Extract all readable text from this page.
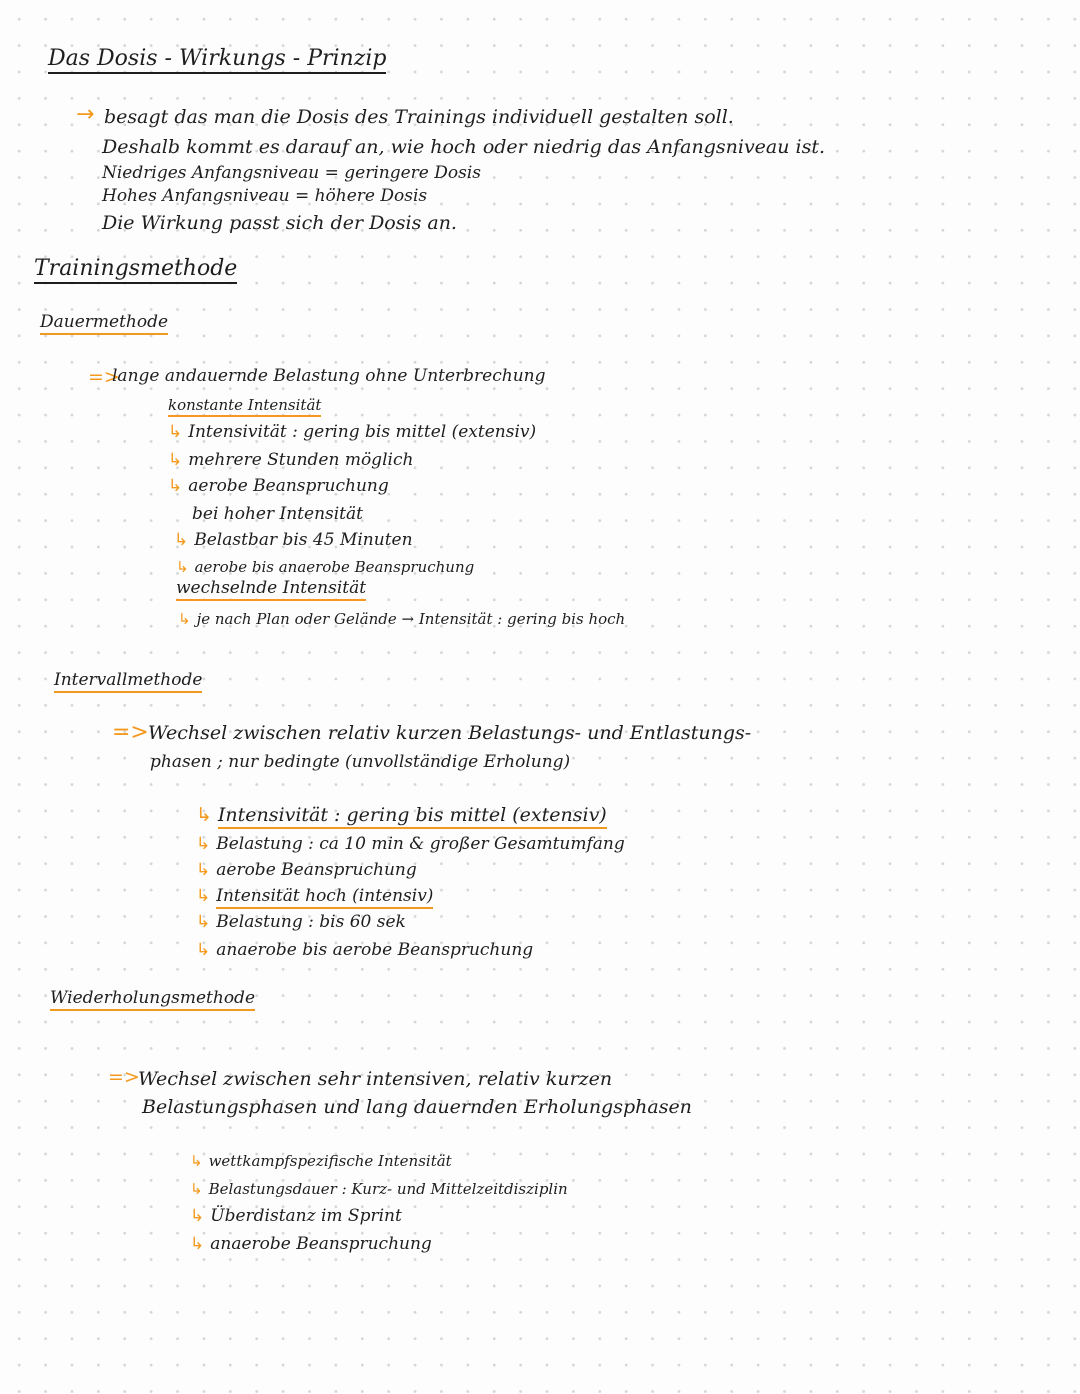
Das Dosis - Wirkungs - Prinzip
→ besagt das man die Dosis des Trainings individuell gestalten soll.
Deshalb kommt es darauf an, wie hoch oder niedrig das Anfangsniveau ist.
Niedriges Anfangsniveau = geringere Dosis
Hohes Anfangsniveau = höhere Dosis
Die Wirkung passt sich der Dosis an.
Trainingsmethode
Dauermethode
=>
lange andauernde Belastung ohne Unterbrechung
konstante Intensität
↳ Intensivität : gering bis mittel (extensiv)
↳ mehrere Stunden möglich
↳ aerobe Beanspruchung
bei hoher Intensität
↳ Belastbar bis 45 Minuten
↳ aerobe bis anaerobe Beanspruchung
wechselnde Intensität
↳ je nach Plan oder Gelände → Intensität : gering bis hoch
Intervallmethode
=> Wechsel zwischen relativ kurzen Belastungs- und Entlastungs-
phasen ; nur bedingte (unvollständige Erholung)
↳ Intensivität : gering bis mittel (extensiv)
↳ Belastung : ca 10 min & großer Gesamtumfang
↳ aerobe Beanspruchung
↳ Intensität hoch (intensiv)
↳ Belastung : bis 60 sek
↳ anaerobe bis aerobe Beanspruchung
Wiederholungsmethode
=>
Wechsel zwischen sehr intensiven, relativ kurzen
Belastungsphasen und lang dauernden Erholungsphasen
↳ wettkampfspezifische Intensität
↳ Belastungsdauer : Kurz- und Mittelzeitdisziplin
↳ Überdistanz im Sprint
↳ anaerobe Beanspruchung
